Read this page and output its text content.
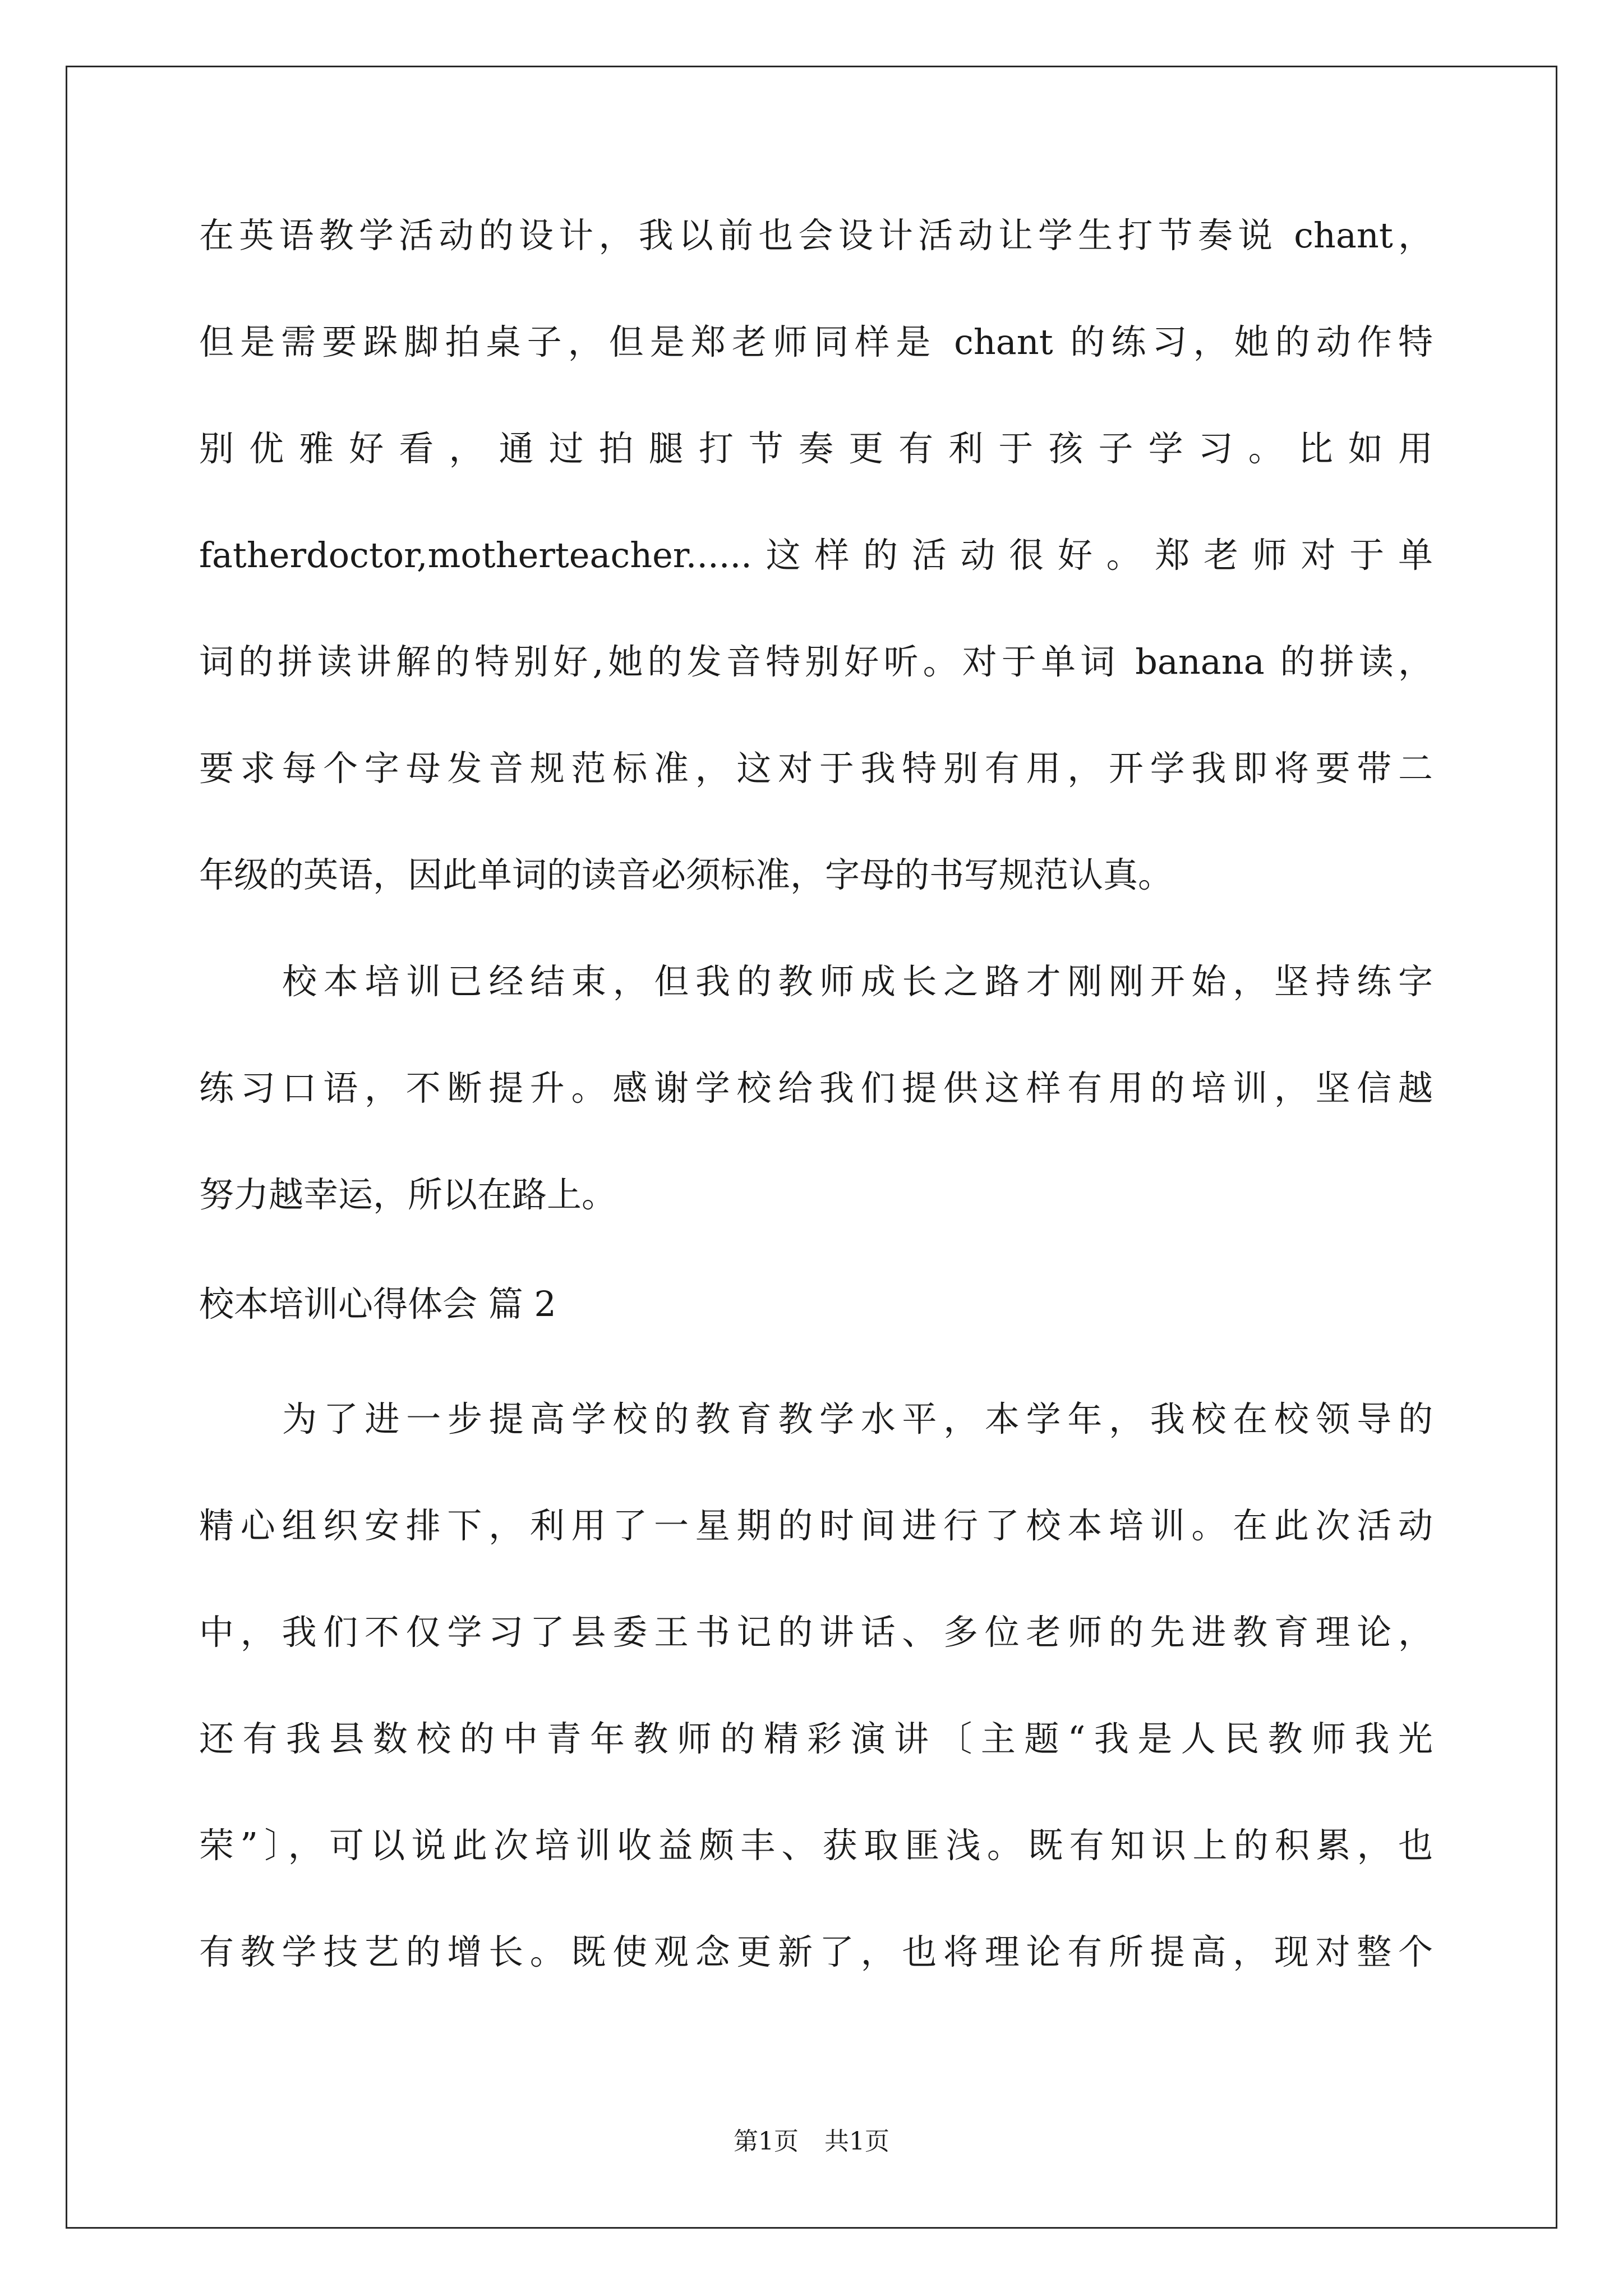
在英语教学活动的设计，我以前也会设计活动让学生打节奏说 chant，
但是需要跺脚拍桌子，但是郑老师同样是 chant 的练习，她的动作特
别 优 雅 好 看 ， 通 过 拍 腿 打 节 奏 更 有 利 于 孩 子 学 习 。 比 如 用
fatherdoctor,motherteacher......这样的活动很好。郑老师对于单
词的拼读讲解的特别好,她的发音特别好听。对于单词 banana 的拼读，
要求每个字母发音规范标准，这对于我特别有用，开学我即将要带二
年级的英语，因此单词的读音必须标准，字母的书写规范认真。
校本培训已经结束，但我的教师成长之路才刚刚开始，坚持练字
练习口语，不断提升。感谢学校给我们提供这样有用的培训，坚信越
努力越幸运，所以在路上。
校本培训心得体会 篇 2
为了进一步提高学校的教育教学水平，本学年，我校在校领导的
精心组织安排下，利用了一星期的时间进行了校本培训。在此次活动
中，我们不仅学习了县委王书记的讲话、多位老师的先进教育理论，
还有我县数校的中青年教师的精彩演讲〔主题“我是人民教师我光
荣”〕，可以说此次培训收益颇丰、获取匪浅。既有知识上的积累，也
有教学技艺的增长。既使观念更新了，也将理论有所提高，现对整个
第1页 共1页
